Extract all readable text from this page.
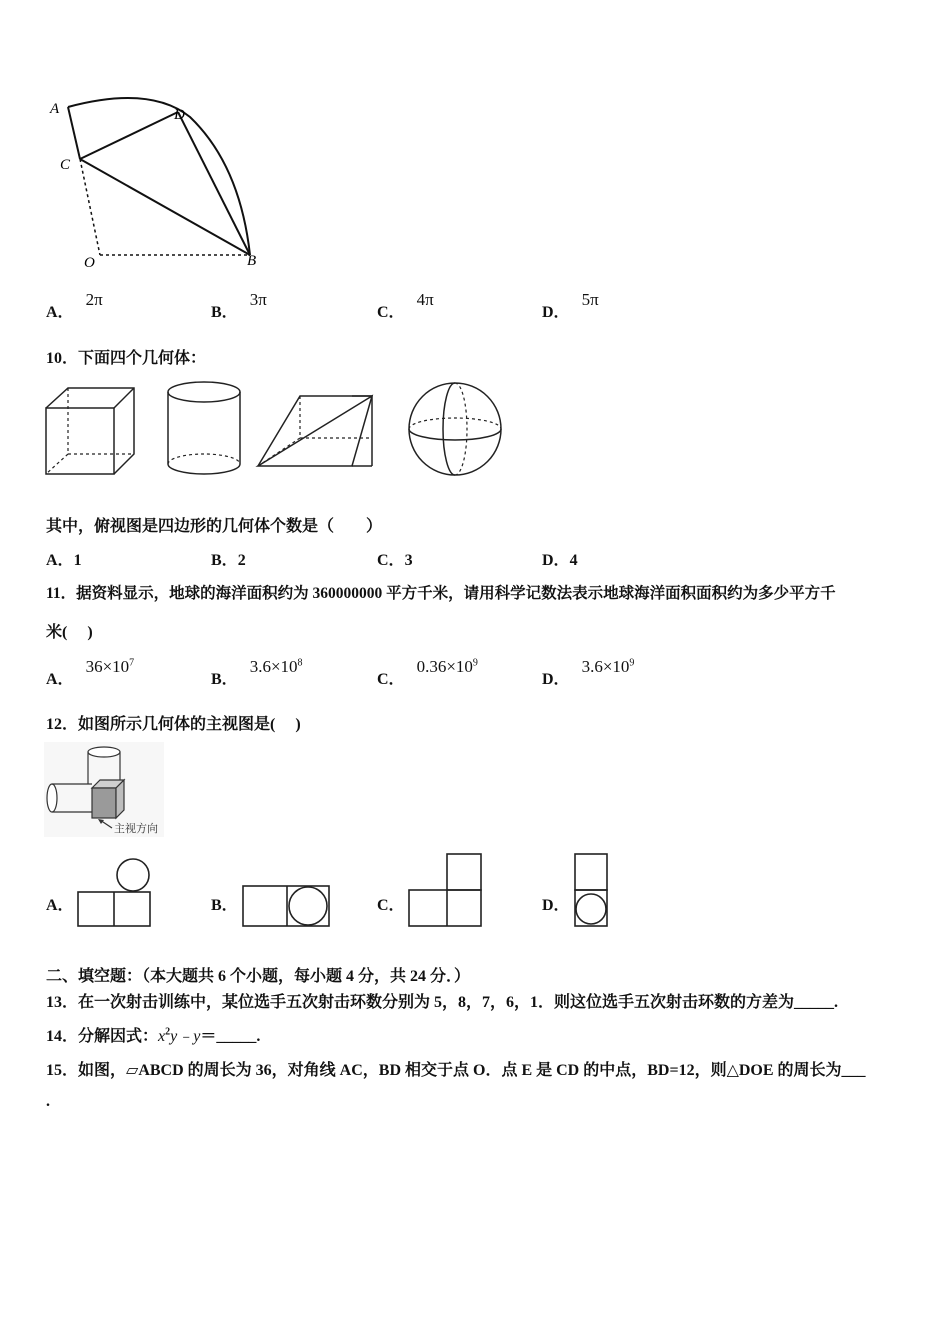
A	D
C
O	B
A．2π
B．3π
C．4π
D．5π
10．下面四个几何体：
其中，俯视图是四边形的几何体个数是（　　）
A．1	B．2	C．3	D．4
11．据资料显示，地球的海洋面积约为 360000000 平方千米，请用科学记数法表示地球海洋面积面积约为多少平方千
米(　 )
A．$36\times 10^7$
B．$3.6\times 10^8$
C．$0.36\times 10^9$
D．$3.6\times 10^9$
12．如图所示几何体的主视图是(　 )
主视方向
A．	B．	C．	D．
二、填空题：（本大题共 6 个小题，每小题 4 分，共 24 分．）
13．在一次射击训练中，某位选手五次射击环数分别为 5，8，7，6，1．则这位选手五次射击环数的方差为_____.
14．分解因式：$x^2y﹣y=\_\_\_\_\_$.
15．如图，▱ABCD 的周长为 36，对角线 AC，BD 相交于点 O．点 E 是 CD 的中点，BD=12，则△DOE 的周长为___
.
